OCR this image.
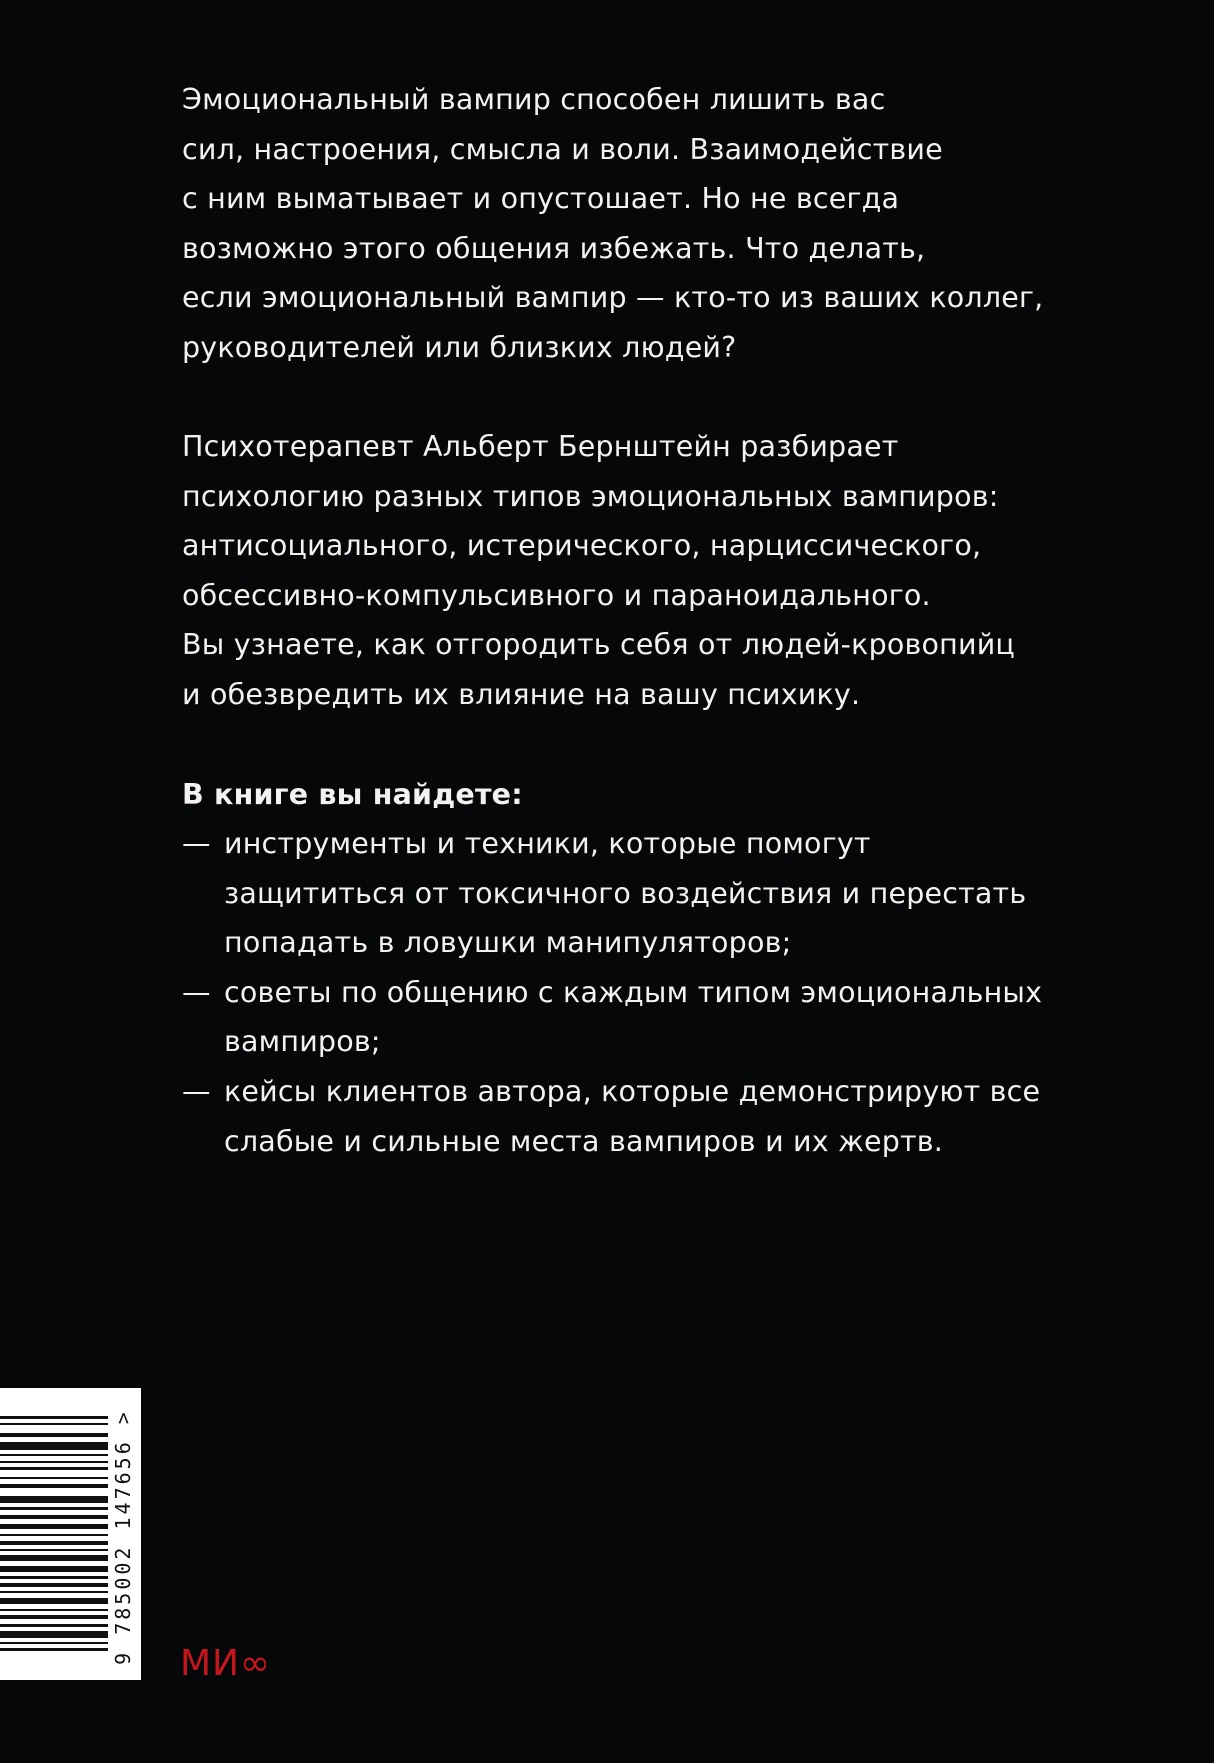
Эмоциональный вампир способен лишить вас
сил, настроения, смысла и воли. Взаимодействие
с ним выматывает и опустошает. Но не всегда
возможно этого общения избежать. Что делать,
если эмоциональный вампир — кто-то из ваших коллег,
руководителей или близких людей?
Психотерапевт Альберт Бернштейн разбирает
психологию разных типов эмоциональных вампиров:
антисоциального, истерического, нарциссического,
обсессивно-компульсивного и параноидального.
Вы узнаете, как отгородить себя от людей-кровопийц
и обезвредить их влияние на вашу психику.
В книге вы найдете:
— инструменты и техники, которые помогут
защититься от токсичного воздействия и перестать
попадать в ловушки манипуляторов;
— советы по общению с каждым типом эмоциональных
вампиров;
— кейсы клиентов автора, которые демонстрируют все
слабые и сильные места вампиров и их жертв.
9 785002 147656 > МИ∞
